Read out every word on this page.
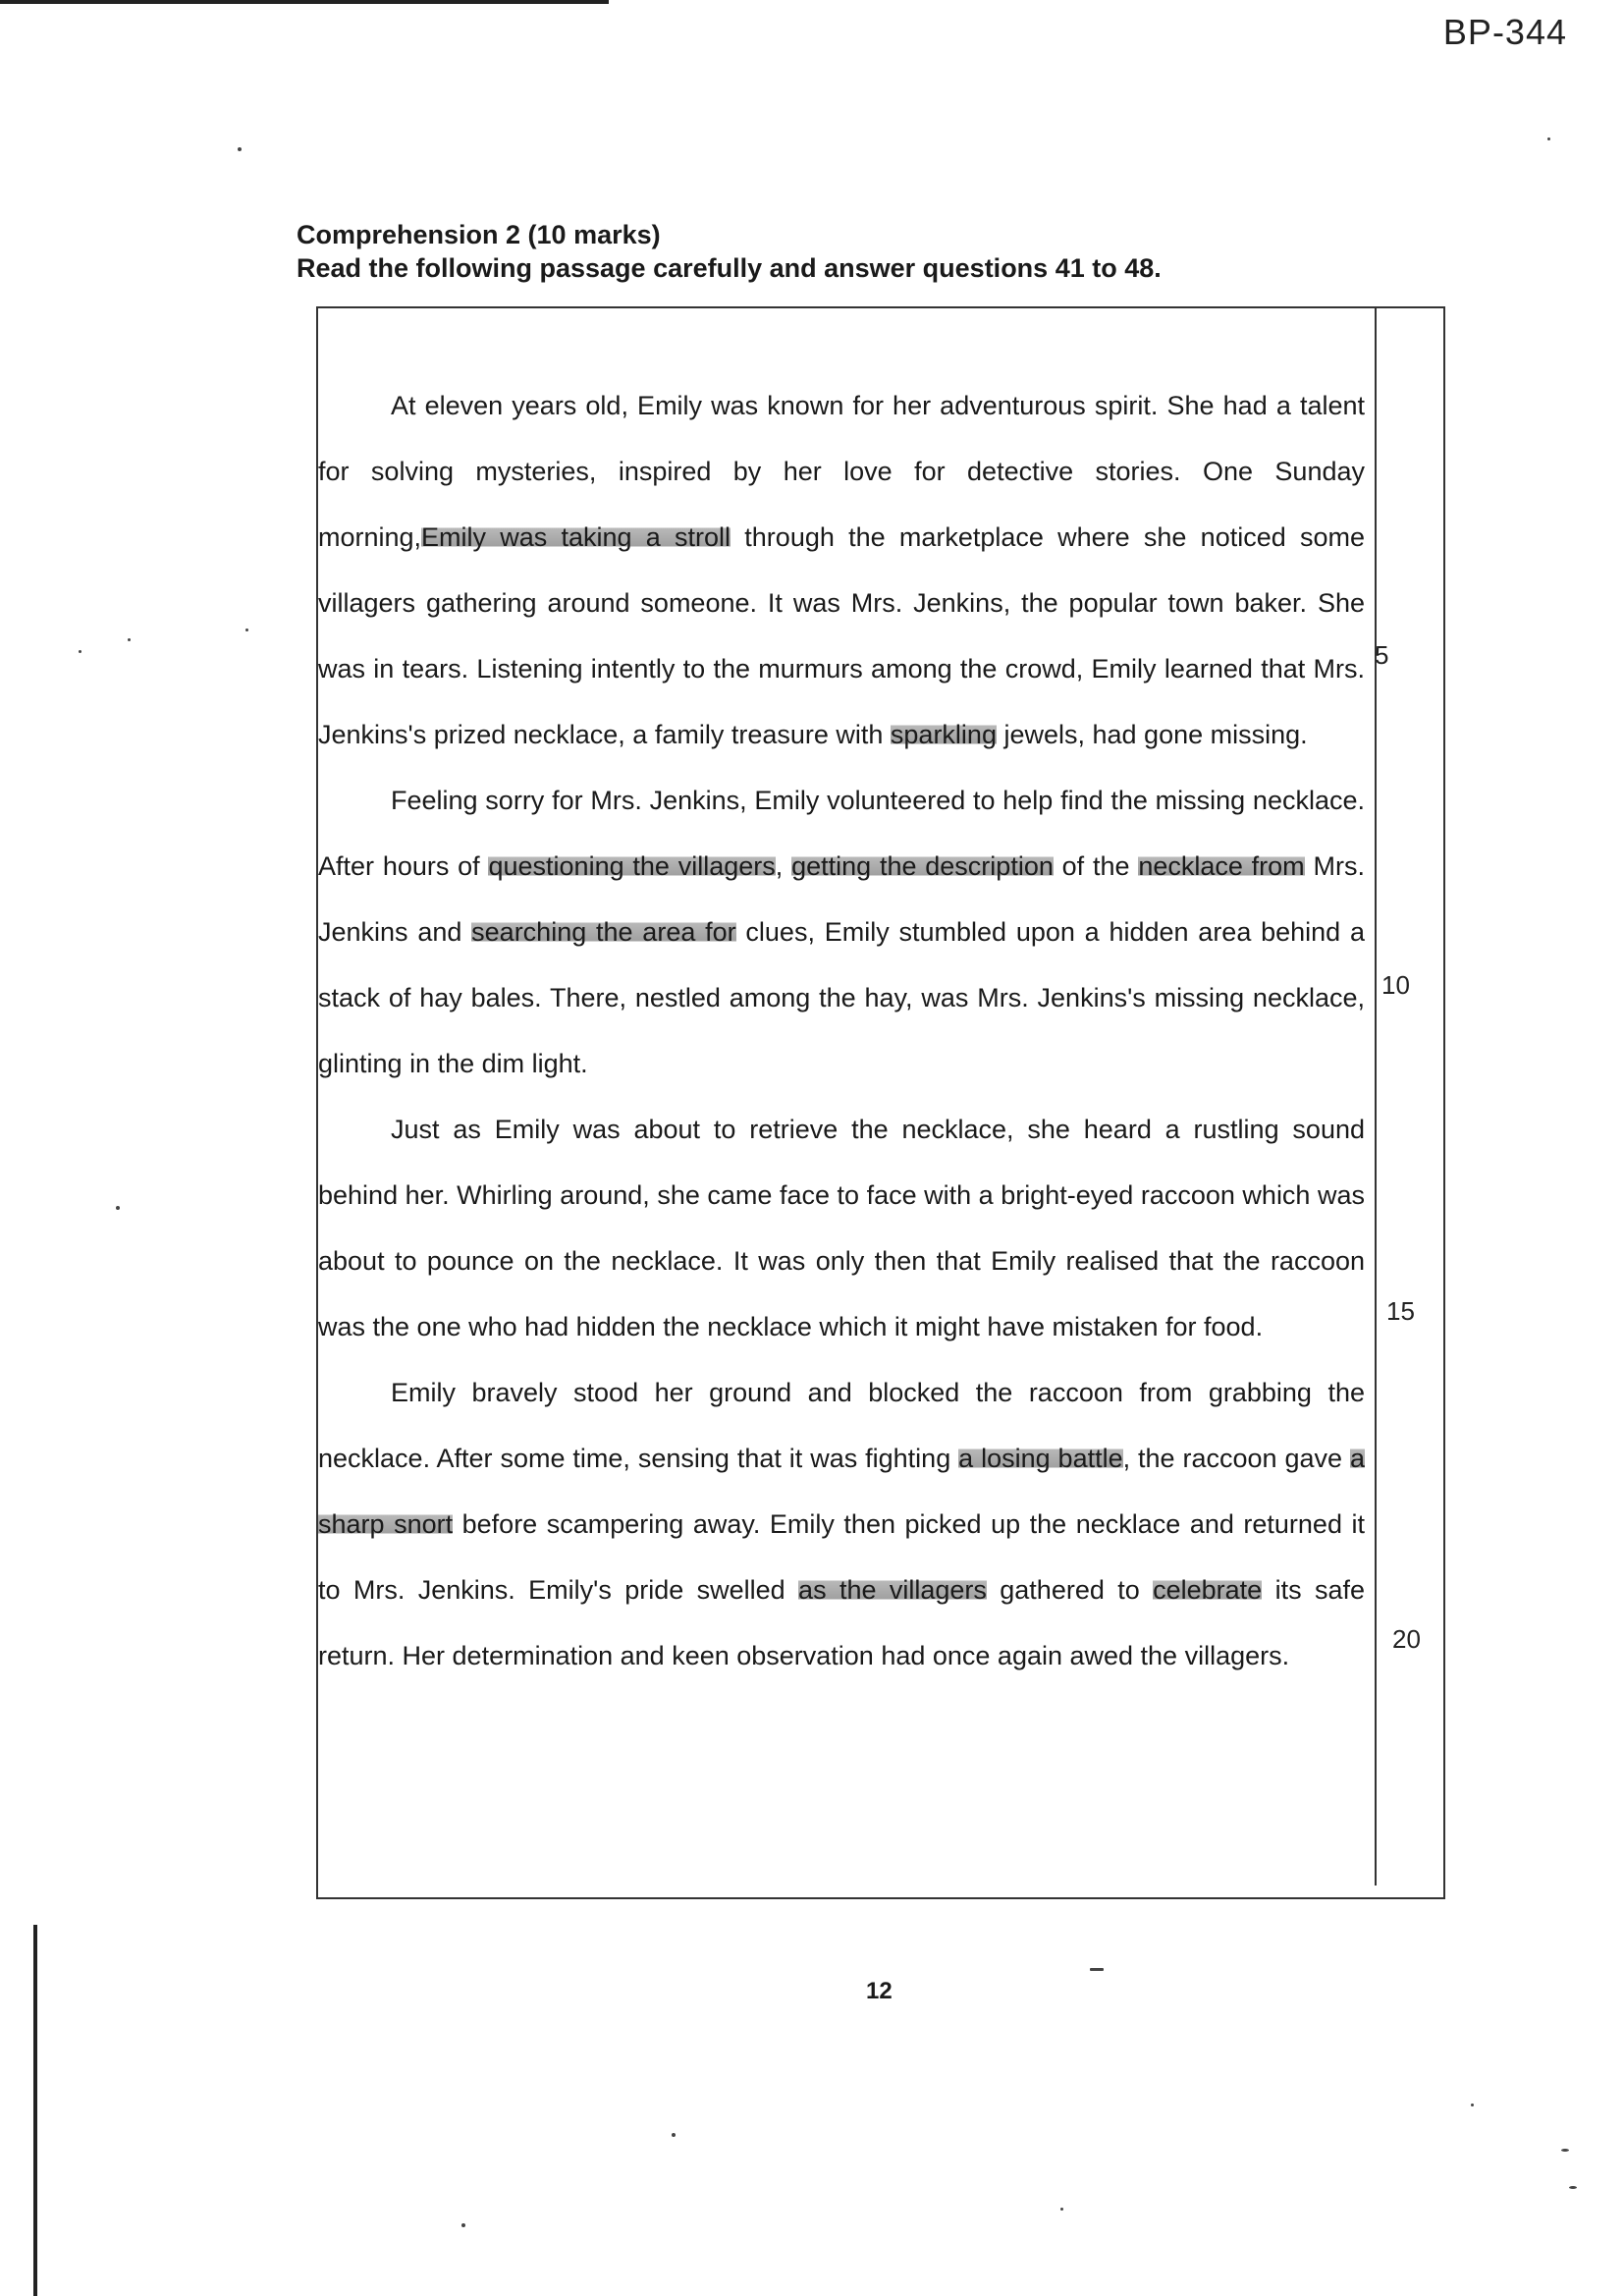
BP-344
Comprehension 2 (10 marks)
Read the following passage carefully and answer questions 41 to 48.
5
10
15
20

At eleven years old, Emily was known for her adventurous spirit. She had a talent for solving mysteries, inspired by her love for detective stories. One Sunday morning,Emily was taking a stroll through the marketplace where she noticed some villagers gathering around someone. It was Mrs. Jenkins, the popular town baker. She was in tears. Listening intently to the murmurs among the crowd, Emily learned that Mrs. Jenkins's prized necklace, a family treasure with sparkling jewels, had gone missing.

Feeling sorry for Mrs. Jenkins, Emily volunteered to help find the missing necklace. After hours of questioning the villagers, getting the description of the necklace from Mrs. Jenkins and searching the area for clues, Emily stumbled upon a hidden area behind a stack of hay bales. There, nestled among the hay, was Mrs. Jenkins's missing necklace, glinting in the dim light.

Just as Emily was about to retrieve the necklace, she heard a rustling sound behind her. Whirling around, she came face to face with a bright-eyed raccoon which was about to pounce on the necklace. It was only then that Emily realised that the raccoon was the one who had hidden the necklace which it might have mistaken for food.

Emily bravely stood her ground and blocked the raccoon from grabbing the necklace. After some time, sensing that it was fighting a losing battle, the raccoon gave a sharp snort before scampering away. Emily then picked up the necklace and returned it to Mrs. Jenkins. Emily's pride swelled as the villagers gathered to celebrate its safe return. Her determination and keen observation had once again awed the villagers.

12
